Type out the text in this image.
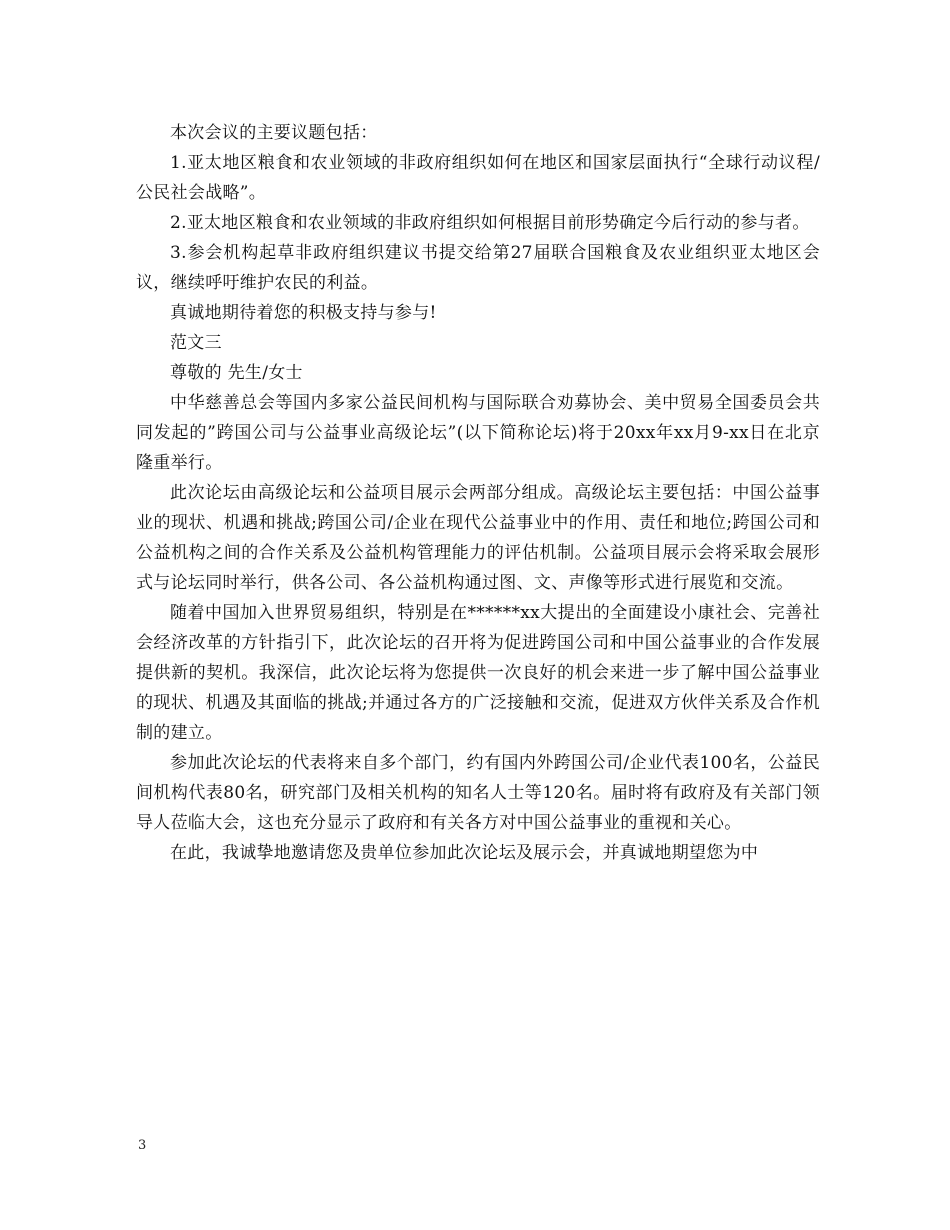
本次会议的主要议题包括：

1.亚太地区粮食和农业领域的非政府组织如何在地区和国家层面执行“全球行动议程/公民社会战略”。

2.亚太地区粮食和农业领域的非政府组织如何根据目前形势确定今后行动的参与者。

3.参会机构起草非政府组织建议书提交给第27届联合国粮食及农业组织亚太地区会议，继续呼吁维护农民的利益。

真诚地期待着您的积极支持与参与!

范文三

尊敬的 先生/女士

中华慈善总会等国内多家公益民间机构与国际联合劝募协会、美中贸易全国委员会共同发起的”跨国公司与公益事业高级论坛”(以下简称论坛)将于20xx年xx月9-xx日在北京隆重举行。

此次论坛由高级论坛和公益项目展示会两部分组成。高级论坛主要包括：中国公益事业的现状、机遇和挑战;跨国公司/企业在现代公益事业中的作用、责任和地位;跨国公司和公益机构之间的合作关系及公益机构管理能力的评估机制。公益项目展示会将采取会展形式与论坛同时举行，供各公司、各公益机构通过图、文、声像等形式进行展览和交流。

随着中国加入世界贸易组织，特别是在******xx大提出的全面建设小康社会、完善社会经济改革的方针指引下，此次论坛的召开将为促进跨国公司和中国公益事业的合作发展提供新的契机。我深信，此次论坛将为您提供一次良好的机会来进一步了解中国公益事业的现状、机遇及其面临的挑战;并通过各方的广泛接触和交流，促进双方伙伴关系及合作机制的建立。

参加此次论坛的代表将来自多个部门，约有国内外跨国公司/企业代表100名，公益民间机构代表80名，研究部门及相关机构的知名人士等120名。届时将有政府及有关部门领导人莅临大会，这也充分显示了政府和有关各方对中国公益事业的重视和关心。

在此，我诚挚地邀请您及贵单位参加此次论坛及展示会，并真诚地期望您为中

3
